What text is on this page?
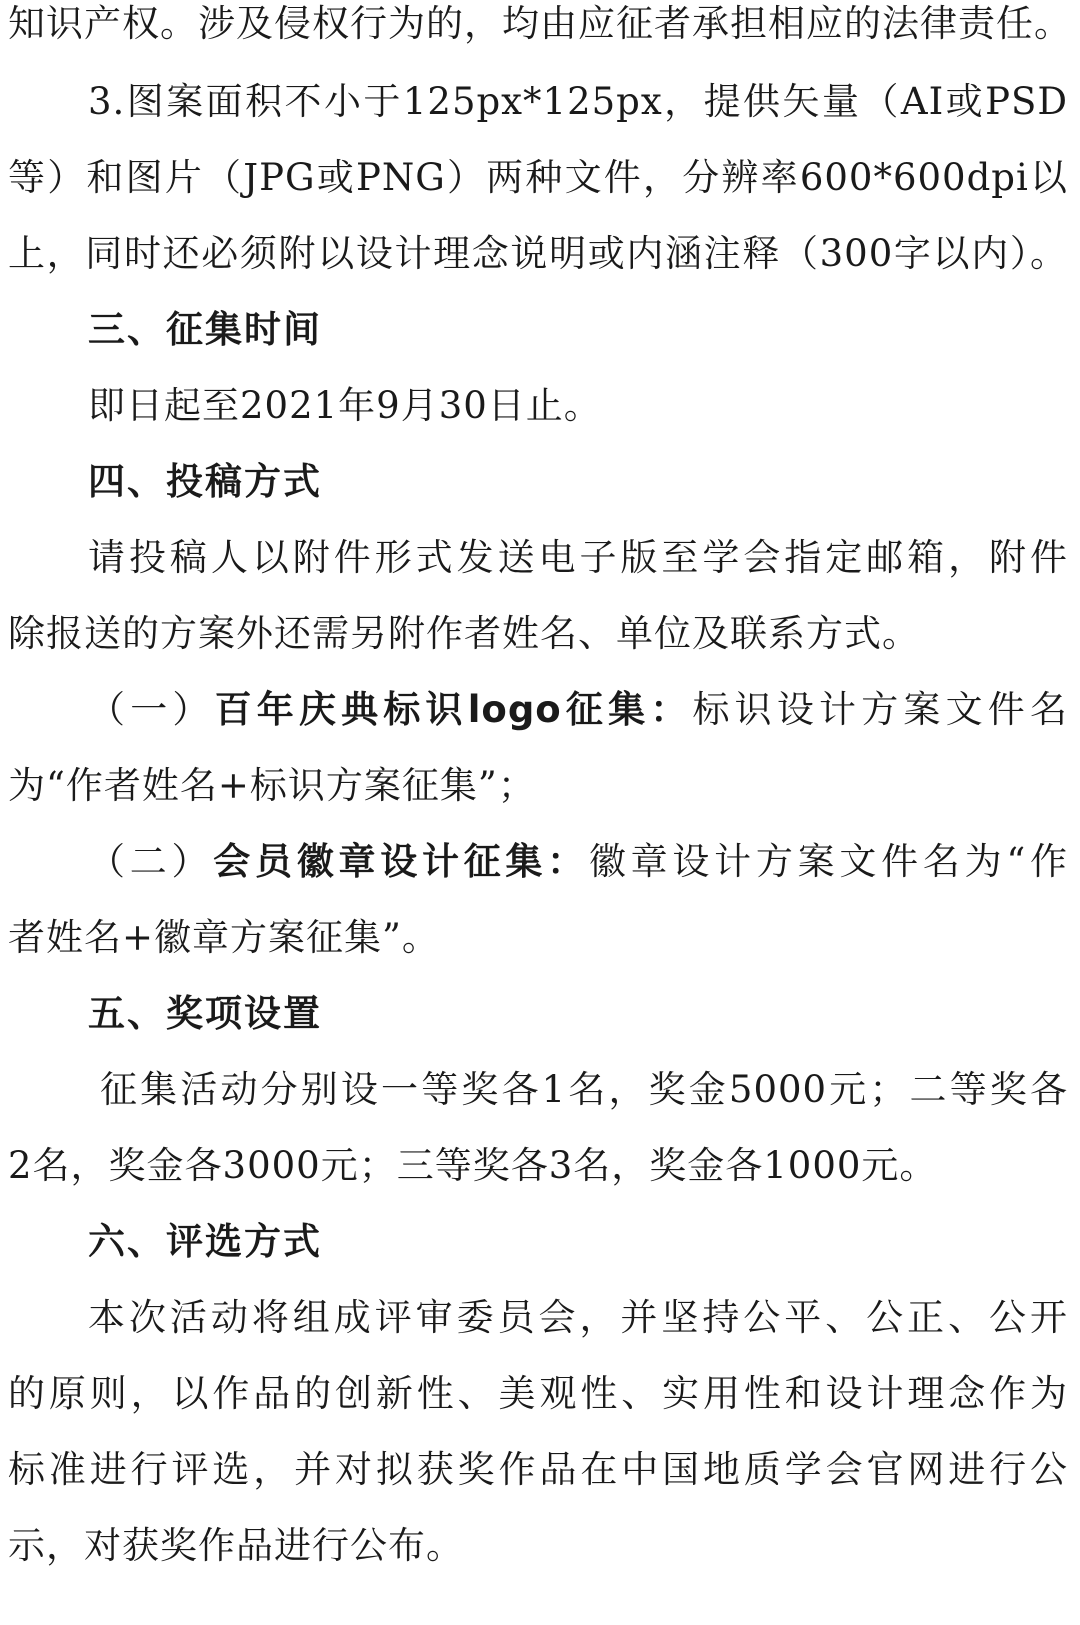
知识产权。涉及侵权行为的，均由应征者承担相应的法律责任。
3.图案面积不小于125px*125px，提供矢量（AI或PSD
等）和图片（JPG或PNG）两种文件，分辨率600*600dpi以
上，同时还必须附以设计理念说明或内涵注释（300字以内）。
三、征集时间
即日起至2021年9月30日止。
四、投稿方式
请投稿人以附件形式发送电子版至学会指定邮箱，附件
除报送的方案外还需另附作者姓名、单位及联系方式。
（一）百年庆典标识logo征集：标识设计方案文件名
为“作者姓名+标识方案征集”；
（二）会员徽章设计征集：徽章设计方案文件名为“作
者姓名+徽章方案征集”。
五、奖项设置
征集活动分别设一等奖各1名，奖金5000元；二等奖各
2名，奖金各3000元；三等奖各3名，奖金各1000元。
六、评选方式
本次活动将组成评审委员会，并坚持公平、公正、公开
的原则，以作品的创新性、美观性、实用性和设计理念作为
标准进行评选，并对拟获奖作品在中国地质学会官网进行公
示，对获奖作品进行公布。
